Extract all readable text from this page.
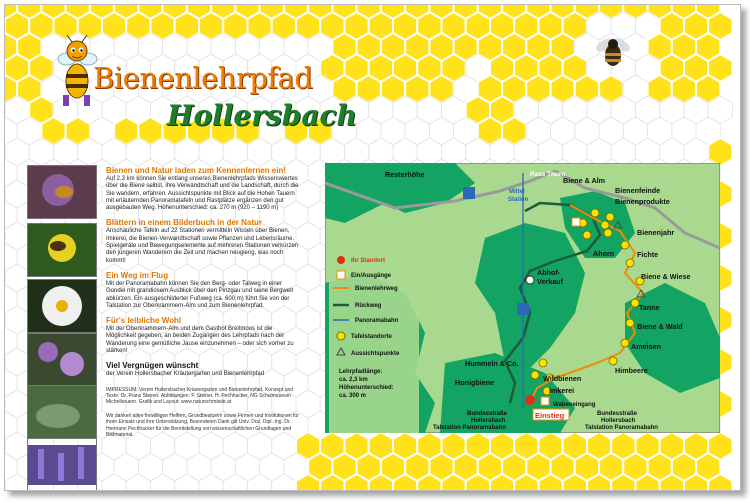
Bienenlehrpfad
Hollersbach
Bienen und Natur laden zum Kennenlernen ein!
Auf 2,3 km können Sie entlang unseres Bienenlehrpfads Wissenswertes über die Biene selbst, ihre Verwandtschaft und die Landschaft, durch die Sie wandern, erfahren. Aussichtspunkte mit Blick auf die Hohen Tauern mit erläuternden Panoramatafeln und Rastplätze ergänzen den gut ausgebauten Weg. Höhenunterschied: ca. 270 m (920 – 1190 m)
Blättern in einem Bilderbuch in der Natur
Anschauliche Tafeln auf 22 Stationen vermitteln Wissen über Bienen, Imkerei, die Bienen-Verwandtschaft sowie Pflanzen und Lebensräume. Spielgeräte und Bewegungselemente auf mehreren Stationen verkürzen den jüngeren Wanderern die Zeit und machen neugierig, was noch kommt!
Ein Weg im Flug
Mit der Panoramabahn können Sie den Berg- oder Talweg in einer Gondel mit grandiosem Ausblick über den Pinzgau und seine Bergwelt abkürzen. Ein ausgeschilderter Fußweg (ca. 600 m) führt Sie von der Talstation zur Oberkrammern-Alm und zum Bienenlehrpfad.
Für's leibliche Wohl
Mit der Oberkrammern-Alm und dem Gasthof Breitmoos ist die Möglichkeit gegeben, an beiden Zugängen des Lehrpfads nach der Wanderung eine gemütliche Jause einzunehmen – oder sich vorher zu stärken!
Viel Vergnügen wünscht
der Verein Hollersbacher Kräutergarten und Bienenlehrpfad
IMPRESSUM: Verein Hollersbacher Kräutergarten und Bienenlehrpfad. Konzept und Texte: Dr. Franz Steiner. Abbildungen: F. Steiner, H. Pechhacker, NG Schulmuseum Michelbeuern. Grafik und Layout: www.naturschmiede.at
Wir danken allen freiwilligen Helfern, Grundbesitzern sowie Firmen und Institutionen für ihren Einsatz und ihre Unterstützung. Besonderen Dank gilt Univ. Doz. Dipl.-Ing. Dr. Hermann Pechhacker für die Bereitstellung von wissenschaftlichen Grundlagen und Bildmaterial.
Resterhöhe	Pass Thurn
Mittel
Station
Abhof-
Verkauf
Biene & Alm
Bienenfeinde
Bienenprodukte
Bienenjahr
Ahorn	Fichte
Biene & Wiese
Tanne
Biene & Wald
Ameisen
Himbeere
Hummeln & Co.
Honigbiene	Wildbienen
Imkerei
Wabeneingang
Einstieg
Ihr Standort
Ein/Ausgänge
Bienenlehrweg
Rückweg
Panoramabahn
Tafelstandorte
Aussichtspunkte
Lehrpfadlänge:
ca. 2,3 km
Höhenunterschied:
ca. 300 m
Bundesstraße
Hollersbach
Talstation Panoramabahn
Bundesstraße
Hollersbach
Talstation Panoramabahn
